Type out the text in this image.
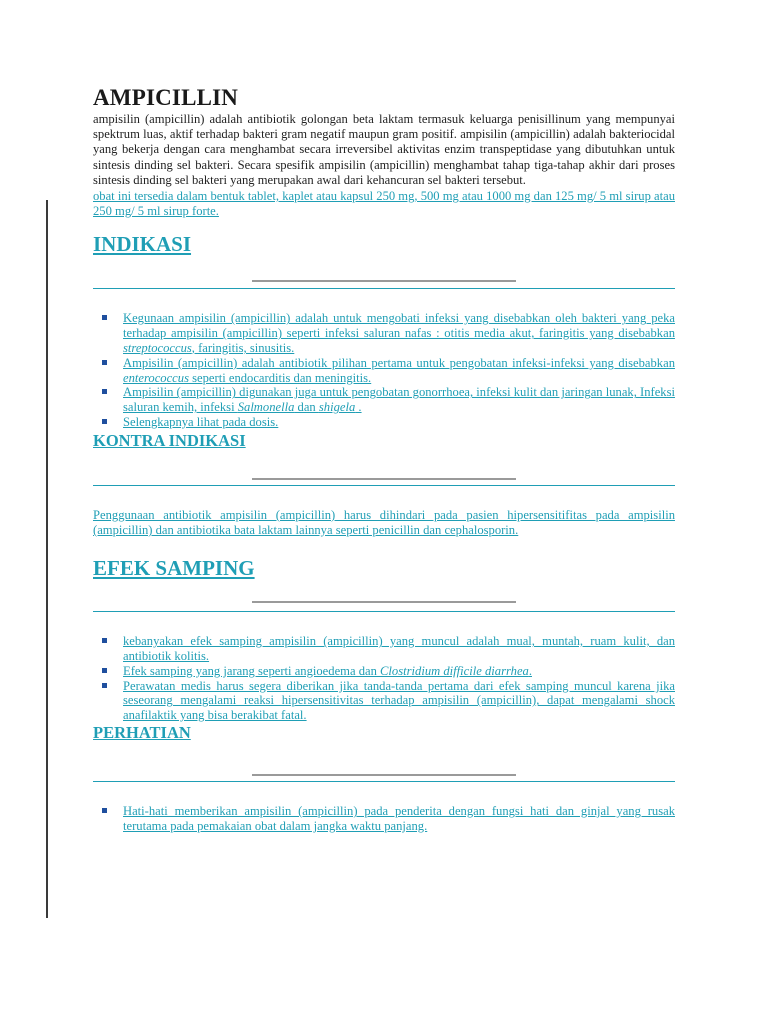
AMPICILLIN

ampisilin (ampicillin) adalah antibiotik golongan beta laktam termasuk keluarga penisillinum yang mempunyai spektrum luas, aktif terhadap bakteri gram negatif maupun gram positif. ampisilin (ampicillin) adalah bakteriocidal yang bekerja dengan cara menghambat secara irreversibel aktivitas enzim transpeptidase yang dibutuhkan untuk sintesis dinding sel bakteri. Secara spesifik ampisilin (ampicillin) menghambat tahap tiga-tahap akhir dari proses sintesis dinding sel bakteri yang merupakan awal dari kehancuran sel bakteri tersebut.

obat ini tersedia dalam bentuk tablet, kaplet atau kapsul 250 mg, 500 mg atau 1000 mg dan 125 mg/ 5 ml sirup atau 250 mg/ 5 ml sirup forte.

INDIKASI
Kegunaan ampisilin (ampicillin) adalah untuk mengobati infeksi yang disebabkan oleh bakteri yang peka terhadap ampisilin (ampicillin) seperti infeksi saluran nafas : otitis media akut, faringitis yang disebabkan streptococcus, faringitis, sinusitis.
Ampisilin (ampicillin) adalah antibiotik pilihan pertama untuk pengobatan infeksi-infeksi yang disebabkan enterococcus seperti endocarditis dan meningitis.
Ampisilin (ampicillin) digunakan juga untuk pengobatan gonorrhoea, infeksi kulit dan jaringan lunak, Infeksi saluran kemih, infeksi Salmonella dan shigela .
Selengkapnya lihat pada dosis.
KONTRA INDIKASI

Penggunaan antibiotik ampisilin (ampicillin) harus dihindari pada pasien hipersensitifitas pada ampisilin (ampicillin) dan antibiotika bata laktam lainnya seperti penicillin dan cephalosporin.

EFEK SAMPING
kebanyakan efek samping ampisilin (ampicillin) yang muncul adalah mual, muntah, ruam kulit, dan antibiotik kolitis.
Efek samping yang jarang seperti angioedema dan Clostridium difficile diarrhea.
Perawatan medis harus segera diberikan jika tanda-tanda pertama dari efek samping muncul karena jika seseorang mengalami reaksi hipersensitivitas terhadap ampisilin (ampicillin), dapat mengalami shock anafilaktik yang bisa berakibat fatal.
PERHATIAN
Hati-hati memberikan ampisilin (ampicillin) pada penderita dengan fungsi hati dan ginjal yang rusak terutama pada pemakaian obat dalam jangka waktu panjang.
